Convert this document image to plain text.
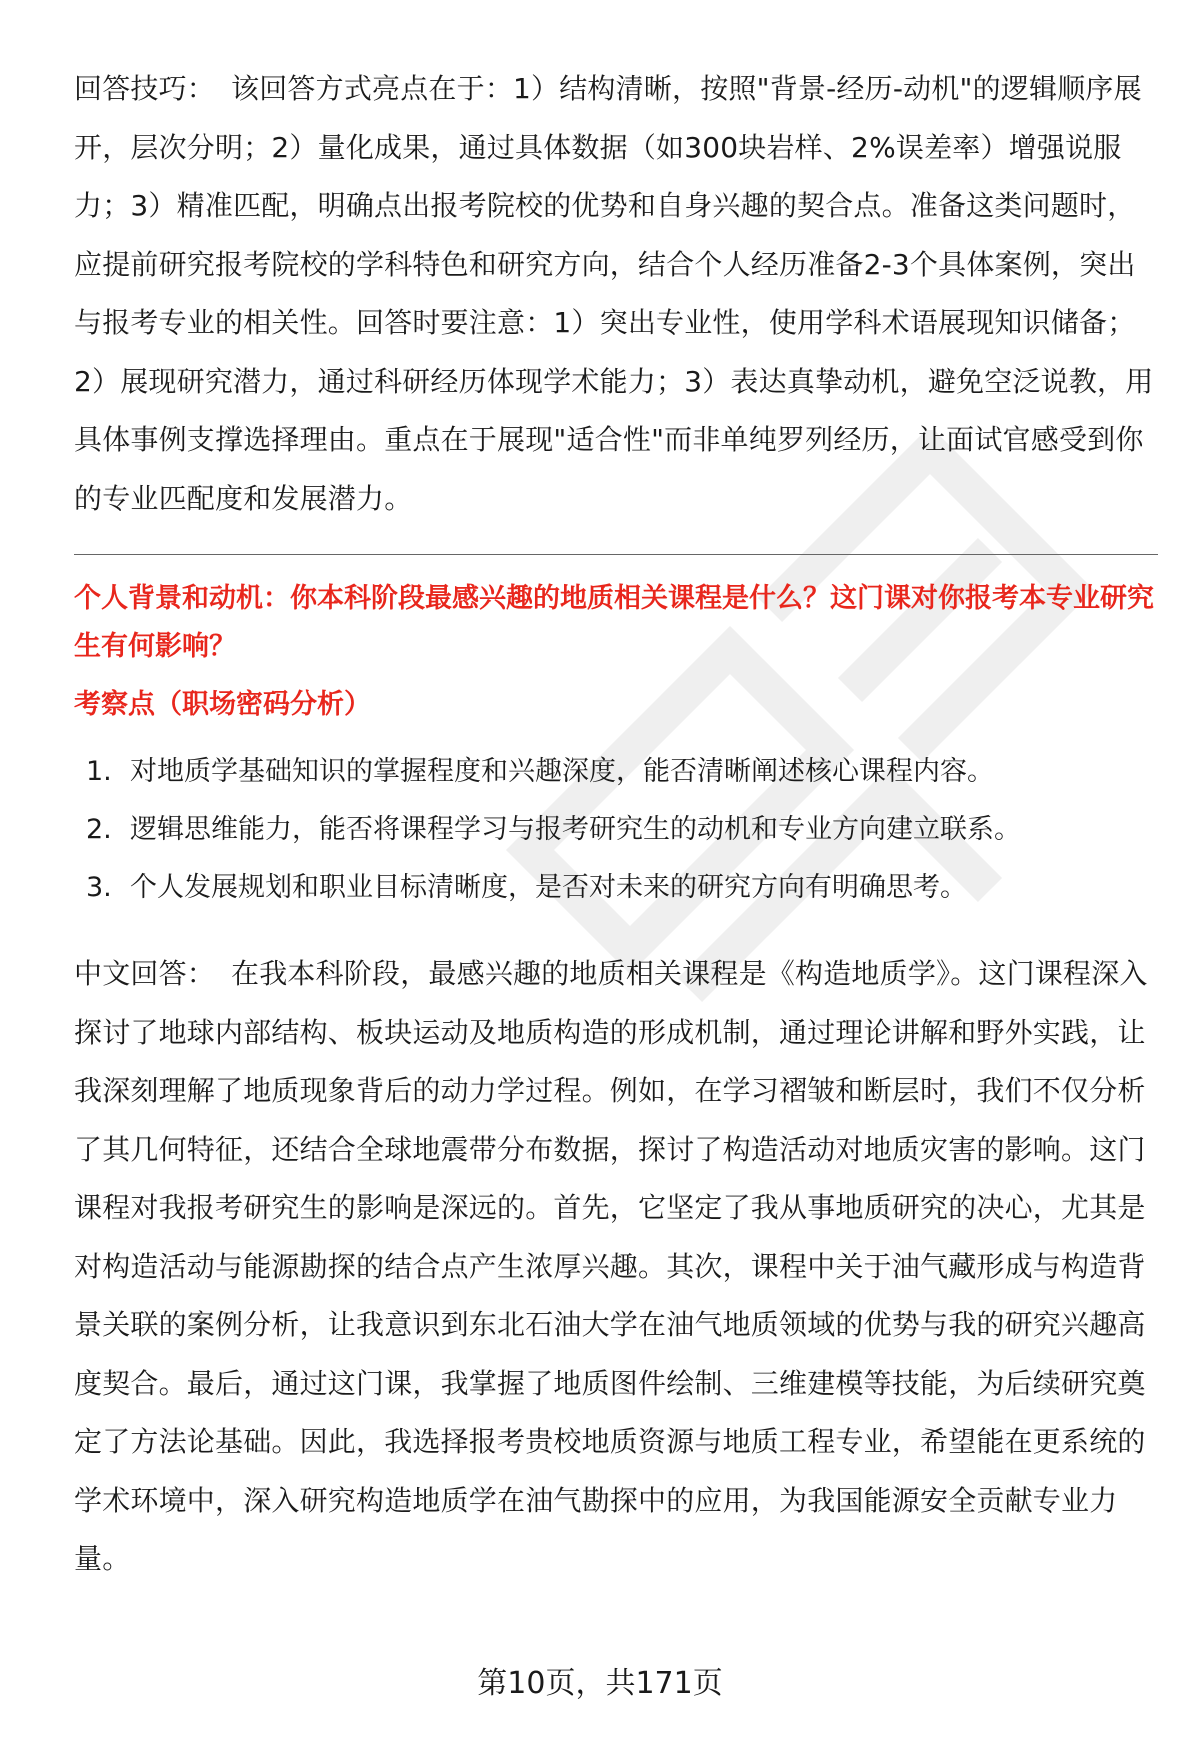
回答技巧： 该回答方式亮点在于：1）结构清晰，按照"背景-经历-动机"的逻辑顺序展开，层次分明；2）量化成果，通过具体数据（如300块岩样、2%误差率）增强说服力；3）精准匹配，明确点出报考院校的优势和自身兴趣的契合点。准备这类问题时，应提前研究报考院校的学科特色和研究方向，结合个人经历准备2-3个具体案例，突出与报考专业的相关性。回答时要注意：1）突出专业性，使用学科术语展现知识储备；2）展现研究潜力，通过科研经历体现学术能力；3）表达真挚动机，避免空泛说教，用具体事例支撑选择理由。重点在于展现"适合性"而非单纯罗列经历，让面试官感受到你的专业匹配度和发展潜力。

个人背景和动机：你本科阶段最感兴趣的地质相关课程是什么？这门课对你报考本专业研究生有何影响？

考察点（职场密码分析）

1. 对地质学基础知识的掌握程度和兴趣深度，能否清晰阐述核心课程内容。
2. 逻辑思维能力，能否将课程学习与报考研究生的动机和专业方向建立联系。
3. 个人发展规划和职业目标清晰度，是否对未来的研究方向有明确思考。

中文回答： 在我本科阶段，最感兴趣的地质相关课程是《构造地质学》。这门课程深入探讨了地球内部结构、板块运动及地质构造的形成机制，通过理论讲解和野外实践，让我深刻理解了地质现象背后的动力学过程。例如，在学习褶皱和断层时，我们不仅分析了其几何特征，还结合全球地震带分布数据，探讨了构造活动对地质灾害的影响。这门课程对我报考研究生的影响是深远的。首先，它坚定了我从事地质研究的决心，尤其是对构造活动与能源勘探的结合点产生浓厚兴趣。其次，课程中关于油气藏形成与构造背景关联的案例分析，让我意识到东北石油大学在油气地质领域的优势与我的研究兴趣高度契合。最后，通过这门课，我掌握了地质图件绘制、三维建模等技能，为后续研究奠定了方法论基础。因此，我选择报考贵校地质资源与地质工程专业，希望能在更系统的学术环境中，深入研究构造地质学在油气勘探中的应用，为我国能源安全贡献专业力量。

第10页，共171页
